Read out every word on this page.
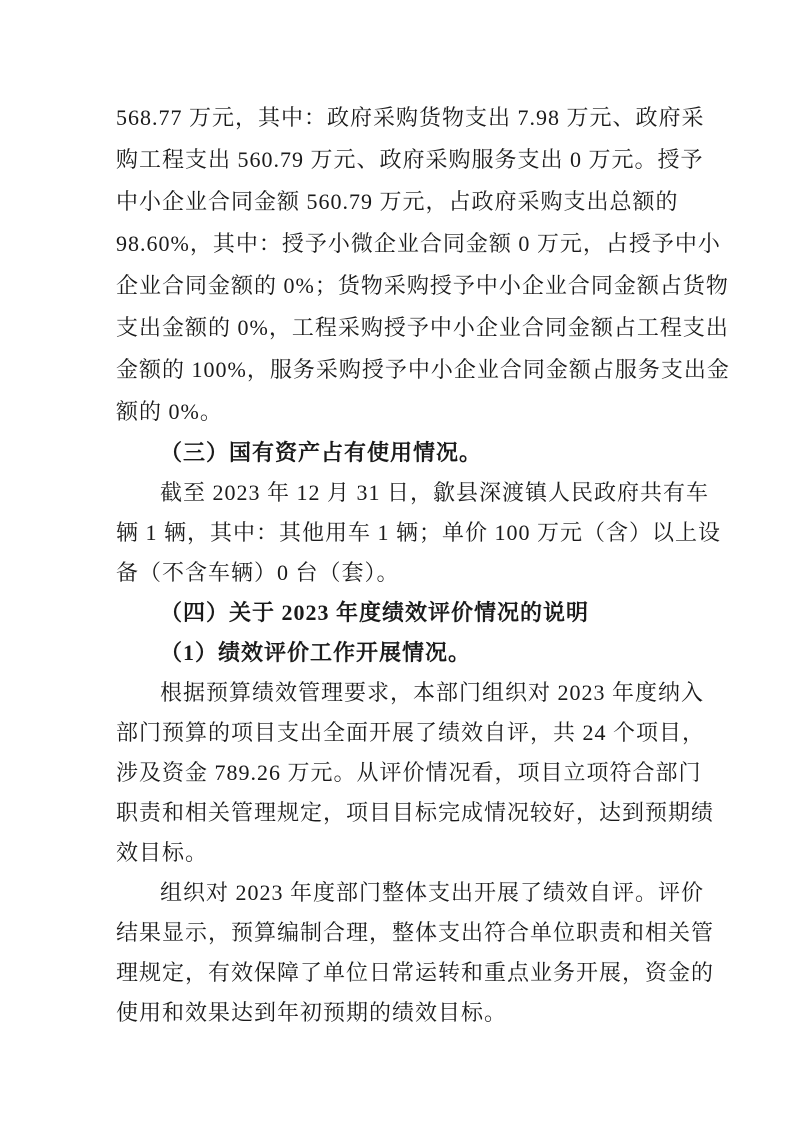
568.77 万元，其中：政府采购货物支出 7.98 万元、政府采
购工程支出 560.79 万元、政府采购服务支出 0 万元。授予
中小企业合同金额 560.79 万元，占政府采购支出总额的
98.60%，其中：授予小微企业合同金额 0 万元，占授予中小
企业合同金额的 0%；货物采购授予中小企业合同金额占货物
支出金额的 0%，工程采购授予中小企业合同金额占工程支出
金额的 100%，服务采购授予中小企业合同金额占服务支出金
额的 0%。
（三）国有资产占有使用情况。
截至 2023 年 12 月 31 日，歙县深渡镇人民政府共有车
辆 1 辆，其中：其他用车 1 辆；单价 100 万元（含）以上设
备（不含车辆）0 台（套）。
（四）关于 2023 年度绩效评价情况的说明
（1）绩效评价工作开展情况。
根据预算绩效管理要求，本部门组织对 2023 年度纳入
部门预算的项目支出全面开展了绩效自评，共 24 个项目，
涉及资金 789.26 万元。从评价情况看，项目立项符合部门
职责和相关管理规定，项目目标完成情况较好，达到预期绩
效目标。
组织对 2023 年度部门整体支出开展了绩效自评。评价
结果显示，预算编制合理，整体支出符合单位职责和相关管
理规定，有效保障了单位日常运转和重点业务开展，资金的
使用和效果达到年初预期的绩效目标。
